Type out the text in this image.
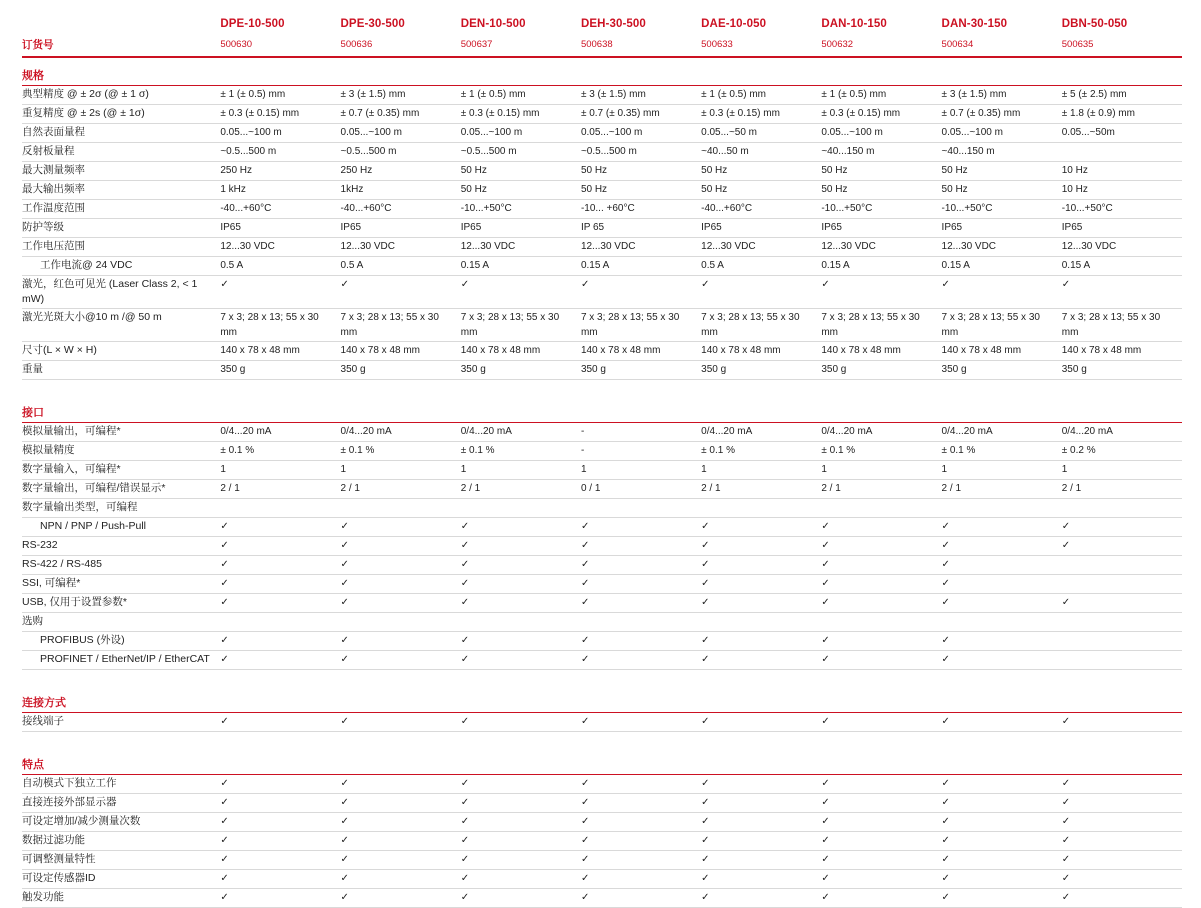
	DPE-10-500	DPE-30-500	DEN-10-500	DEH-30-500	DAE-10-050	DAN-10-150	DAN-30-150	DBN-50-050
订货号	500630	500636	500637	500638	500633	500632	500634	500635
规格								
典型精度 @ ± 2σ (@ ± 1 σ)	± 1 (± 0.5) mm	± 3 (± 1.5) mm	± 1 (± 0.5) mm	± 3 (± 1.5) mm	± 1 (± 0.5) mm	± 1 (± 0.5) mm	± 3 (± 1.5) mm	± 5 (± 2.5) mm
重复精度 @ ± 2s (@ ± 1σ)	± 0.3 (± 0.15) mm	± 0.7 (± 0.35) mm	± 0.3 (± 0.15) mm	± 0.7 (± 0.35) mm	± 0.3 (± 0.15) mm	± 0.3 (± 0.15) mm	± 0.7 (± 0.35) mm	± 1.8 (± 0.9) mm
自然表面量程	0.05...~100 m	0.05...~100 m	0.05...~100 m	0.05...~100 m	0.05...~50 m	0.05...~100 m	0.05...~100 m	0.05...~50m
反射板量程	~0.5...500 m	~0.5...500 m	~0.5...500 m	~0.5...500 m	~40...50 m	~40...150 m	~40...150 m	
最大测量频率	250 Hz	250 Hz	50 Hz	50 Hz	50 Hz	50 Hz	50 Hz	10 Hz
最大输出频率	1 kHz	1kHz	50 Hz	50 Hz	50 Hz	50 Hz	50 Hz	10 Hz
工作温度范围	-40...+60°C	-40...+60°C	-10...+50°C	-10... +60°C	-40...+60°C	-10...+50°C	-10...+50°C	-10...+50°C
防护等级	IP65	IP65	IP65	IP 65	IP65	IP65	IP65	IP65
工作电压范围	12...30 VDC	12...30 VDC	12...30 VDC	12...30 VDC	12...30 VDC	12...30 VDC	12...30 VDC	12...30 VDC
工作电流@ 24 VDC	0.5 A	0.5 A	0.15 A	0.15 A	0.5 A	0.15 A	0.15 A	0.15 A
激光，红色可见光 (Laser Class 2, < 1 mW)	✓	✓	✓	✓	✓	✓	✓	✓
激光光斑大小@10 m /@ 50 m	7 x 3; 28 x 13; 55 x 30 mm	7 x 3; 28 x 13; 55 x 30 mm	7 x 3; 28 x 13; 55 x 30 mm	7 x 3; 28 x 13; 55 x 30 mm	7 x 3; 28 x 13; 55 x 30 mm	7 x 3; 28 x 13; 55 x 30 mm	7 x 3; 28 x 13; 55 x 30 mm	7 x 3; 28 x 13; 55 x 30 mm
尺寸(L × W × H)	140 x 78 x 48 mm	140 x 78 x 48 mm	140 x 78 x 48 mm	140 x 78 x 48 mm	140 x 78 x 48 mm	140 x 78 x 48 mm	140 x 78 x 48 mm	140 x 78 x 48 mm
重量	350 g	350 g	350 g	350 g	350 g	350 g	350 g	350 g

接口								
模拟量输出，可编程*	0/4...20 mA	0/4...20 mA	0/4...20 mA	-	0/4...20 mA	0/4...20 mA	0/4...20 mA	0/4...20 mA
模拟量精度	± 0.1 %	± 0.1 %	± 0.1 %	-	± 0.1 %	± 0.1 %	± 0.1 %	± 0.2 %
数字量输入，可编程*	1	1	1	1	1	1	1	1
数字量输出，可编程/错误显示*	2 / 1	2 / 1	2 / 1	0 / 1	2 / 1	2 / 1	2 / 1	2 / 1
数字量输出类型，可编程								
NPN / PNP / Push-Pull	✓	✓	✓	✓	✓	✓	✓	✓
RS-232	✓	✓	✓	✓	✓	✓	✓	✓
RS-422 / RS-485	✓	✓	✓	✓	✓	✓	✓	
SSI, 可编程*	✓	✓	✓	✓	✓	✓	✓	
USB, 仅用于设置参数*	✓	✓	✓	✓	✓	✓	✓	✓
选购								
PROFIBUS (外设)	✓	✓	✓	✓	✓	✓	✓	
PROFINET / EtherNet/IP / EtherCAT	✓	✓	✓	✓	✓	✓	✓	

连接方式								
接线端子	✓	✓	✓	✓	✓	✓	✓	✓

特点								
自动模式下独立工作	✓	✓	✓	✓	✓	✓	✓	✓
直接连接外部显示器	✓	✓	✓	✓	✓	✓	✓	✓
可设定增加/减少测量次数	✓	✓	✓	✓	✓	✓	✓	✓
数据过滤功能	✓	✓	✓	✓	✓	✓	✓	✓
可调整测量特性	✓	✓	✓	✓	✓	✓	✓	✓
可设定传感器ID	✓	✓	✓	✓	✓	✓	✓	✓
触发功能	✓	✓	✓	✓	✓	✓	✓	✓
